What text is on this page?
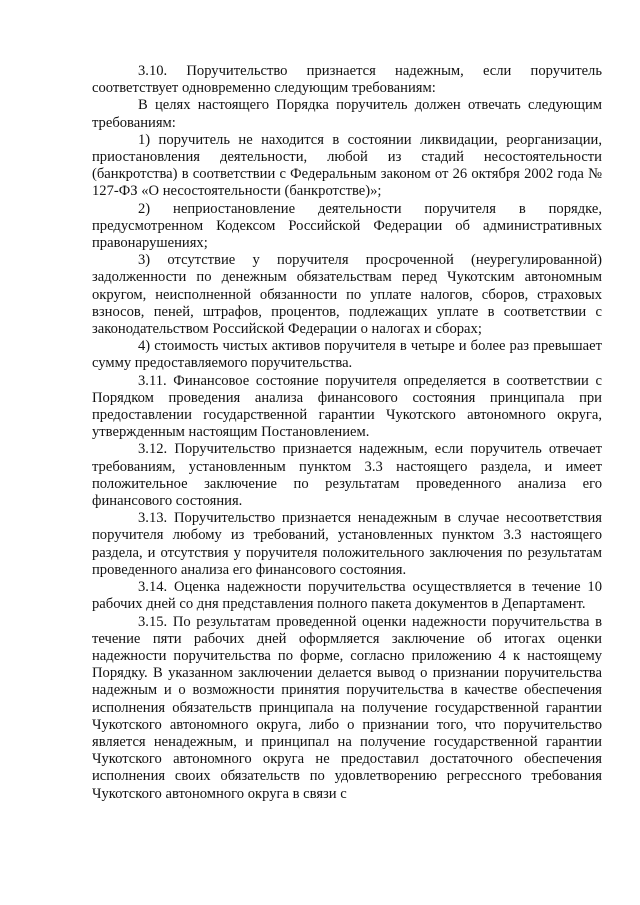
3.10. Поручительство признается надежным, если поручитель соответствует одновременно следующим требованиям:

В целях настоящего Порядка поручитель должен отвечать следующим требованиям:

1) поручитель не находится в состоянии ликвидации, реорганизации, приостановления деятельности, любой из стадий несостоятельности (банкротства) в соответствии с Федеральным законом от 26 октября 2002 года № 127-ФЗ «О несостоятельности (банкротстве)»;

2) неприостановление деятельности поручителя в порядке, предусмотренном Кодексом Российской Федерации об административных правонарушениях;

3) отсутствие у поручителя просроченной (неурегулированной) задолженности по денежным обязательствам перед Чукотским автономным округом, неисполненной обязанности по уплате налогов, сборов, страховых взносов, пеней, штрафов, процентов, подлежащих уплате в соответствии с законодательством Российской Федерации о налогах и сборах;

4) стоимость чистых активов поручителя в четыре и более раз превышает сумму предоставляемого поручительства.

3.11. Финансовое состояние поручителя определяется в соответствии с Порядком проведения анализа финансового состояния принципала при предоставлении государственной гарантии Чукотского автономного округа, утвержденным настоящим Постановлением.

3.12. Поручительство признается надежным, если поручитель отвечает требованиям, установленным пунктом 3.3 настоящего раздела, и имеет положительное заключение по результатам проведенного анализа его финансового состояния.

3.13. Поручительство признается ненадежным в случае несоответствия поручителя любому из требований, установленных пунктом 3.3 настоящего раздела, и отсутствия у поручителя положительного заключения по результатам проведенного анализа его финансового состояния.

3.14. Оценка надежности поручительства осуществляется в течение 10 рабочих дней со дня представления полного пакета документов в Департамент.

3.15. По результатам проведенной оценки надежности поручительства в течение пяти рабочих дней оформляется заключение об итогах оценки надежности поручительства по форме, согласно приложению 4 к настоящему Порядку. В указанном заключении делается вывод о признании поручительства надежным и о возможности принятия поручительства в качестве обеспечения исполнения обязательств принципала на получение государственной гарантии Чукотского автономного округа, либо о признании того, что поручительство является ненадежным, и принципал на получение государственной гарантии Чукотского автономного округа не предоставил достаточного обеспечения исполнения своих обязательств по удовлетворению регрессного требования Чукотского автономного округа в связи с
